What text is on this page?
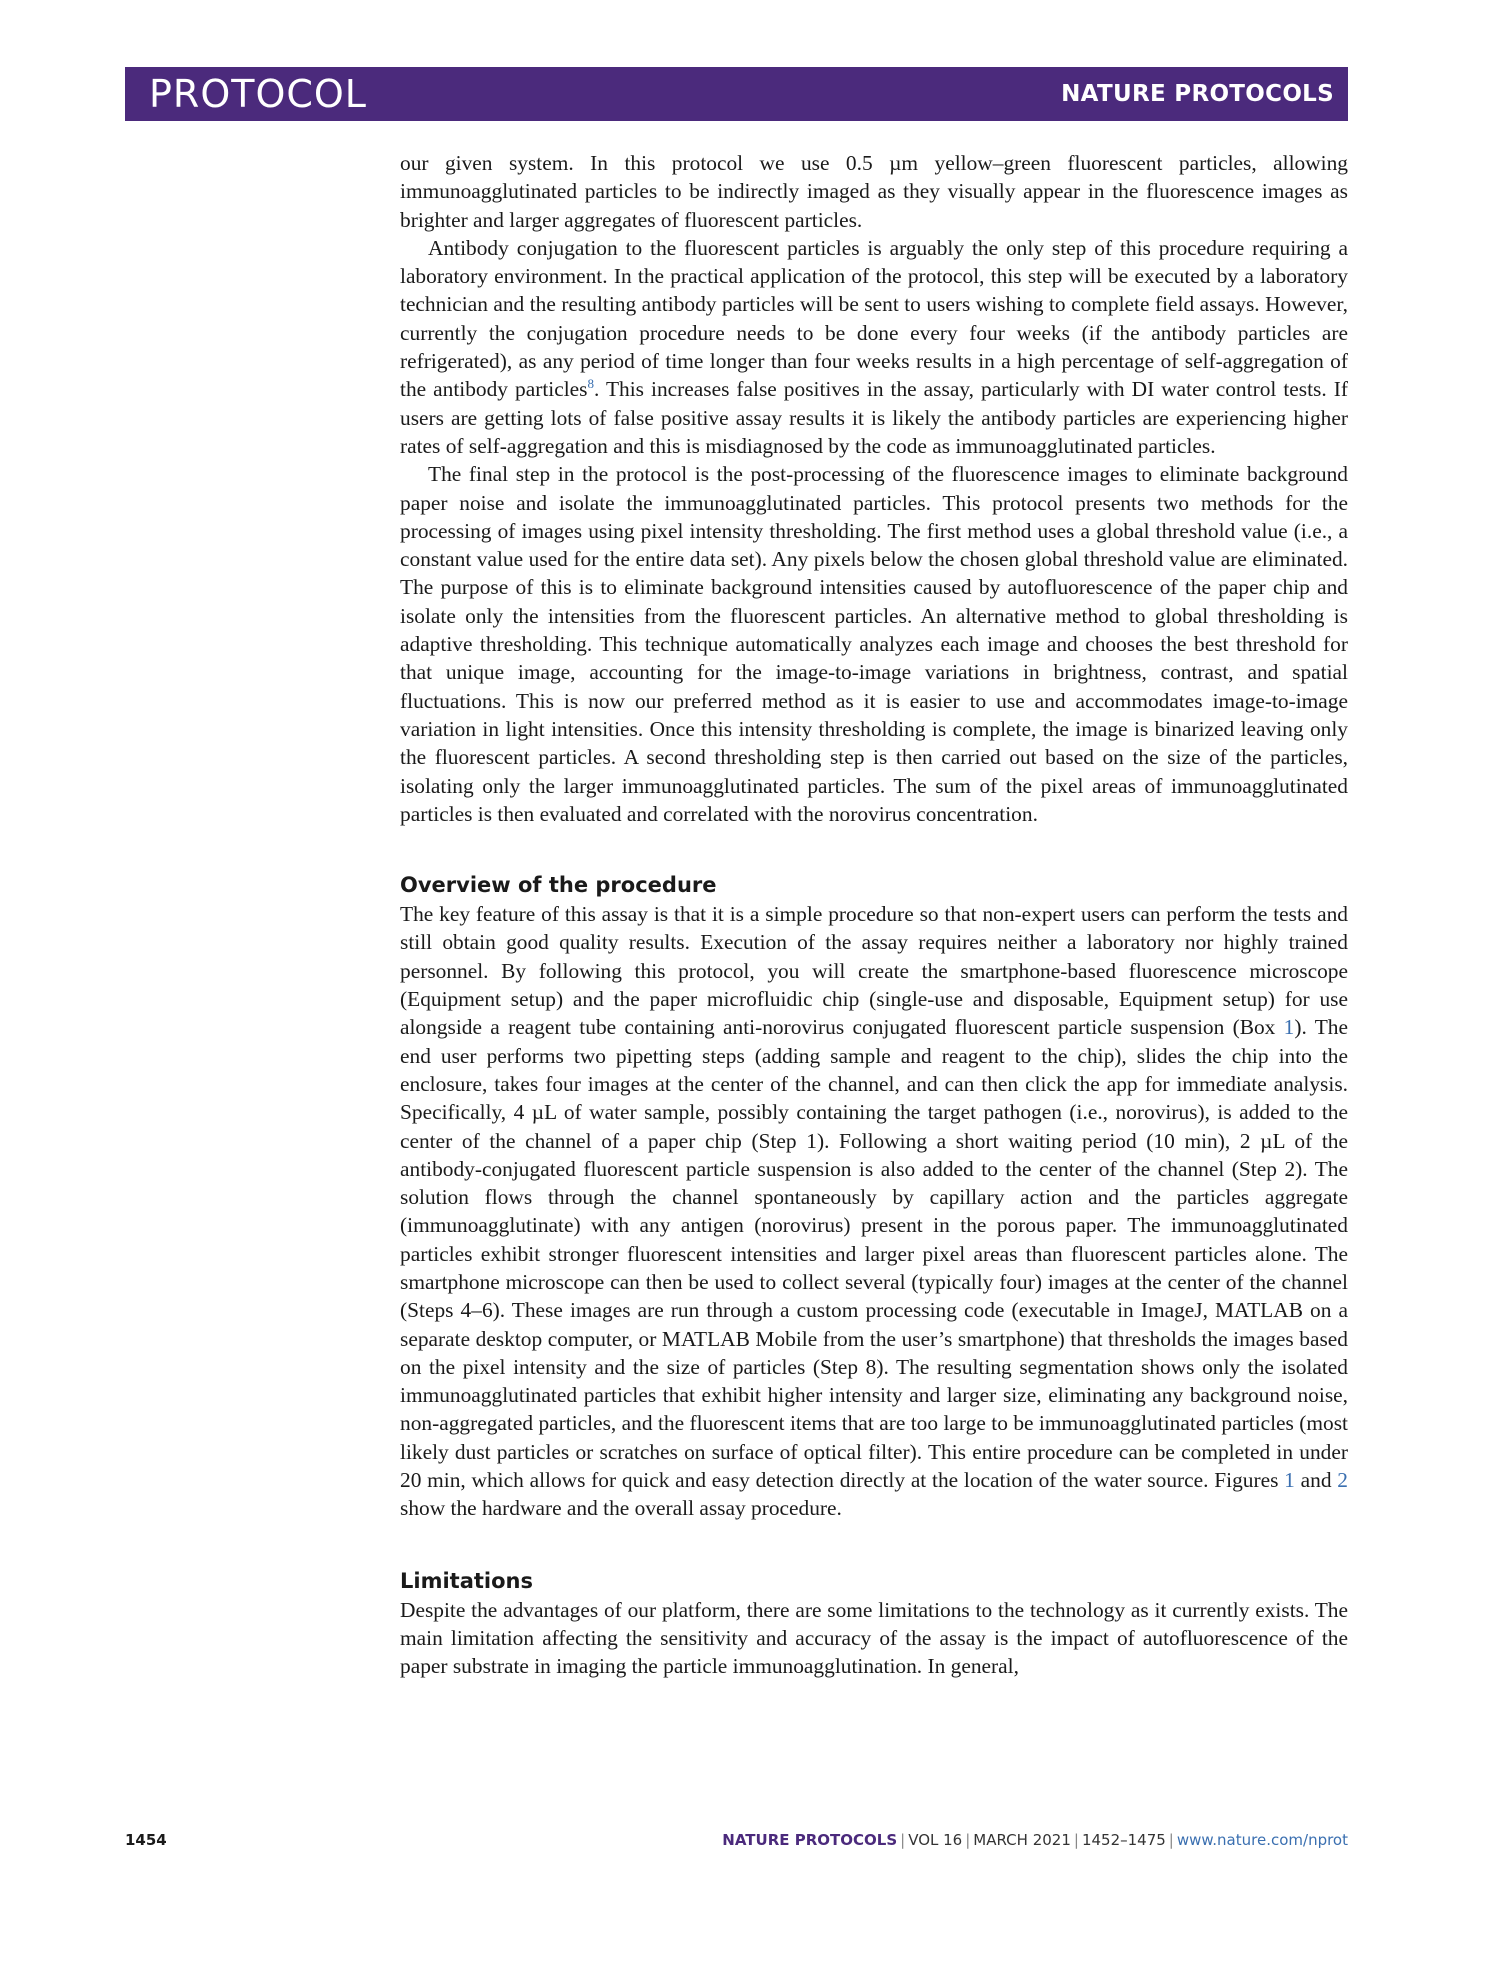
PROTOCOL	NATURE PROTOCOLS

our given system. In this protocol we use 0.5 µm yellow–green fluorescent particles, allowing immunoagglutinated particles to be indirectly imaged as they visually appear in the fluorescence images as brighter and larger aggregates of fluorescent particles.

Antibody conjugation to the fluorescent particles is arguably the only step of this procedure requiring a laboratory environment. In the practical application of the protocol, this step will be executed by a laboratory technician and the resulting antibody particles will be sent to users wishing to complete field assays. However, currently the conjugation procedure needs to be done every four weeks (if the antibody particles are refrigerated), as any period of time longer than four weeks results in a high percentage of self-aggregation of the antibody particles$^8$. This increases false positives in the assay, particularly with DI water control tests. If users are getting lots of false positive assay results it is likely the antibody particles are experiencing higher rates of self-aggregation and this is misdiagnosed by the code as immunoagglutinated particles.

The final step in the protocol is the post-processing of the fluorescence images to eliminate background paper noise and isolate the immunoagglutinated particles. This protocol presents two methods for the processing of images using pixel intensity thresholding. The first method uses a global threshold value (i.e., a constant value used for the entire data set). Any pixels below the chosen global threshold value are eliminated. The purpose of this is to eliminate background intensities caused by autofluorescence of the paper chip and isolate only the intensities from the fluorescent particles. An alternative method to global thresholding is adaptive thresholding. This technique automatically analyzes each image and chooses the best threshold for that unique image, accounting for the image-to-image variations in brightness, contrast, and spatial fluctuations. This is now our preferred method as it is easier to use and accommodates image-to-image variation in light intensities. Once this intensity thresholding is complete, the image is binarized leaving only the fluorescent particles. A second thresholding step is then carried out based on the size of the particles, isolating only the larger immunoagglutinated particles. The sum of the pixel areas of immunoagglutinated particles is then evaluated and correlated with the norovirus concentration.

Overview of the procedure

The key feature of this assay is that it is a simple procedure so that non-expert users can perform the tests and still obtain good quality results. Execution of the assay requires neither a laboratory nor highly trained personnel. By following this protocol, you will create the smartphone-based fluorescence microscope (Equipment setup) and the paper microfluidic chip (single-use and disposable, Equipment setup) for use alongside a reagent tube containing anti-norovirus conjugated fluorescent particle suspension (Box 1). The end user performs two pipetting steps (adding sample and reagent to the chip), slides the chip into the enclosure, takes four images at the center of the channel, and can then click the app for immediate analysis. Specifically, 4 µL of water sample, possibly containing the target pathogen (i.e., norovirus), is added to the center of the channel of a paper chip (Step 1). Following a short waiting period (10 min), 2 µL of the antibody-conjugated fluorescent particle suspension is also added to the center of the channel (Step 2). The solution flows through the channel spontaneously by capillary action and the particles aggregate (immunoagglutinate) with any antigen (norovirus) present in the porous paper. The immunoagglutinated particles exhibit stronger fluorescent intensities and larger pixel areas than fluorescent particles alone. The smartphone microscope can then be used to collect several (typically four) images at the center of the channel (Steps 4–6). These images are run through a custom processing code (executable in ImageJ, MATLAB on a separate desktop computer, or MATLAB Mobile from the user’s smartphone) that thresholds the images based on the pixel intensity and the size of particles (Step 8). The resulting segmentation shows only the isolated immunoagglutinated particles that exhibit higher intensity and larger size, eliminating any background noise, non-aggregated particles, and the fluorescent items that are too large to be immunoagglutinated particles (most likely dust particles or scratches on surface of optical filter). This entire procedure can be completed in under 20 min, which allows for quick and easy detection directly at the location of the water source. Figures 1 and 2 show the hardware and the overall assay procedure.

Limitations

Despite the advantages of our platform, there are some limitations to the technology as it currently exists. The main limitation affecting the sensitivity and accuracy of the assay is the impact of autofluorescence of the paper substrate in imaging the particle immunoagglutination. In general,

1454	NATURE PROTOCOLS | VOL 16 | MARCH 2021 | 1452–1475 | www.nature.com/nprot
